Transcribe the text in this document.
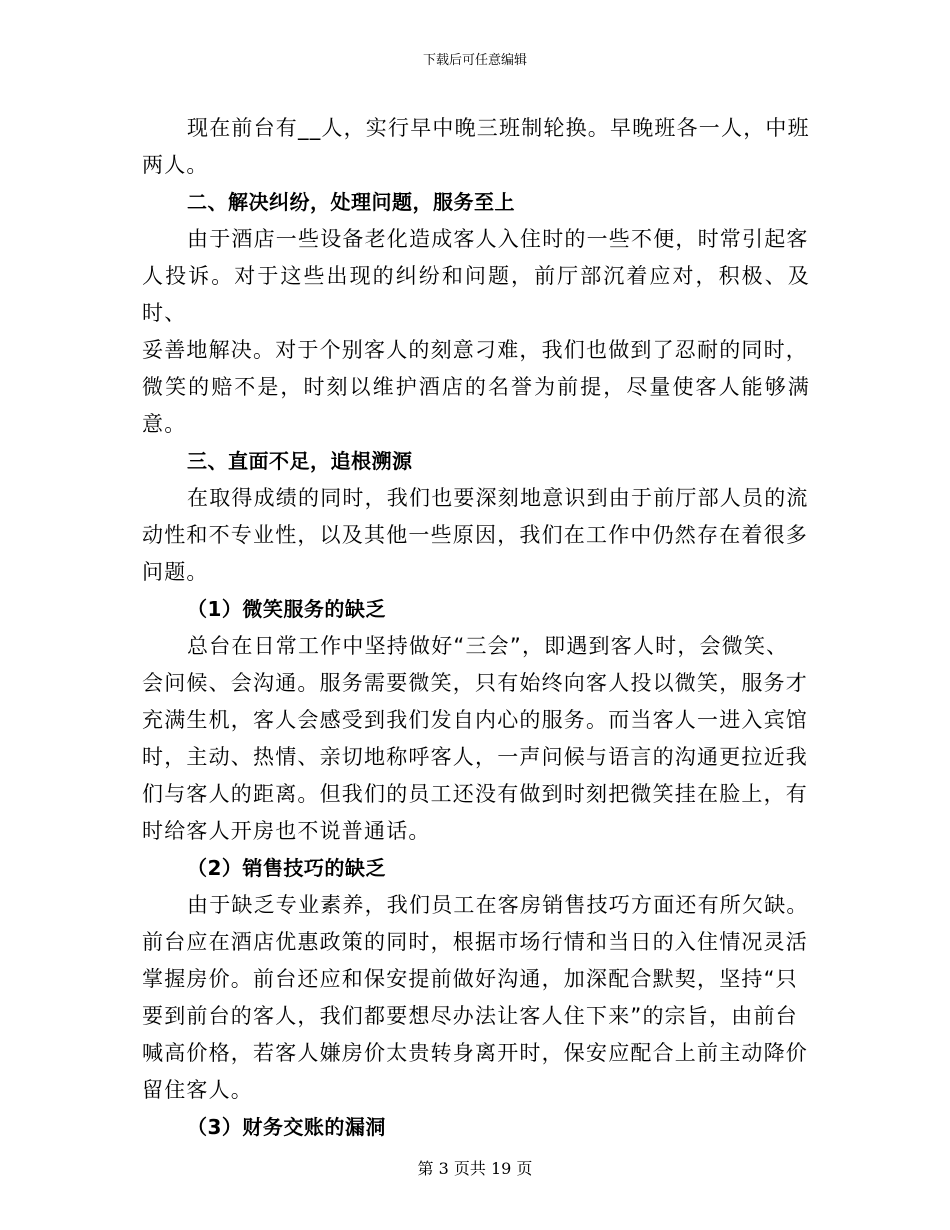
下载后可任意编辑

现在前台有__人，实行早中晚三班制轮换。早晚班各一人，中班
两人。

二、解决纠纷，处理问题，服务至上

由于酒店一些设备老化造成客人入住时的一些不便，时常引起客
人投诉。对于这些出现的纠纷和问题，前厅部沉着应对，积极、及时、
妥善地解决。对于个别客人的刻意刁难，我们也做到了忍耐的同时，
微笑的赔不是，时刻以维护酒店的名誉为前提，尽量使客人能够满意。

三、直面不足，追根溯源

在取得成绩的同时，我们也要深刻地意识到由于前厅部人员的流
动性和不专业性，以及其他一些原因，我们在工作中仍然存在着很多
问题。

（1）微笑服务的缺乏

总台在日常工作中坚持做好“三会”，即遇到客人时，会微笑、
会问候、会沟通。服务需要微笑，只有始终向客人投以微笑，服务才
充满生机，客人会感受到我们发自内心的服务。而当客人一进入宾馆
时，主动、热情、亲切地称呼客人，一声问候与语言的沟通更拉近我
们与客人的距离。但我们的员工还没有做到时刻把微笑挂在脸上，有
时给客人开房也不说普通话。

（2）销售技巧的缺乏

由于缺乏专业素养，我们员工在客房销售技巧方面还有所欠缺。
前台应在酒店优惠政策的同时，根据市场行情和当日的入住情况灵活
掌握房价。前台还应和保安提前做好沟通，加深配合默契，坚持“只
要到前台的客人，我们都要想尽办法让客人住下来”的宗旨，由前台
喊高价格，若客人嫌房价太贵转身离开时，保安应配合上前主动降价
留住客人。

（3）财务交账的漏洞

第 3 页共 19 页
